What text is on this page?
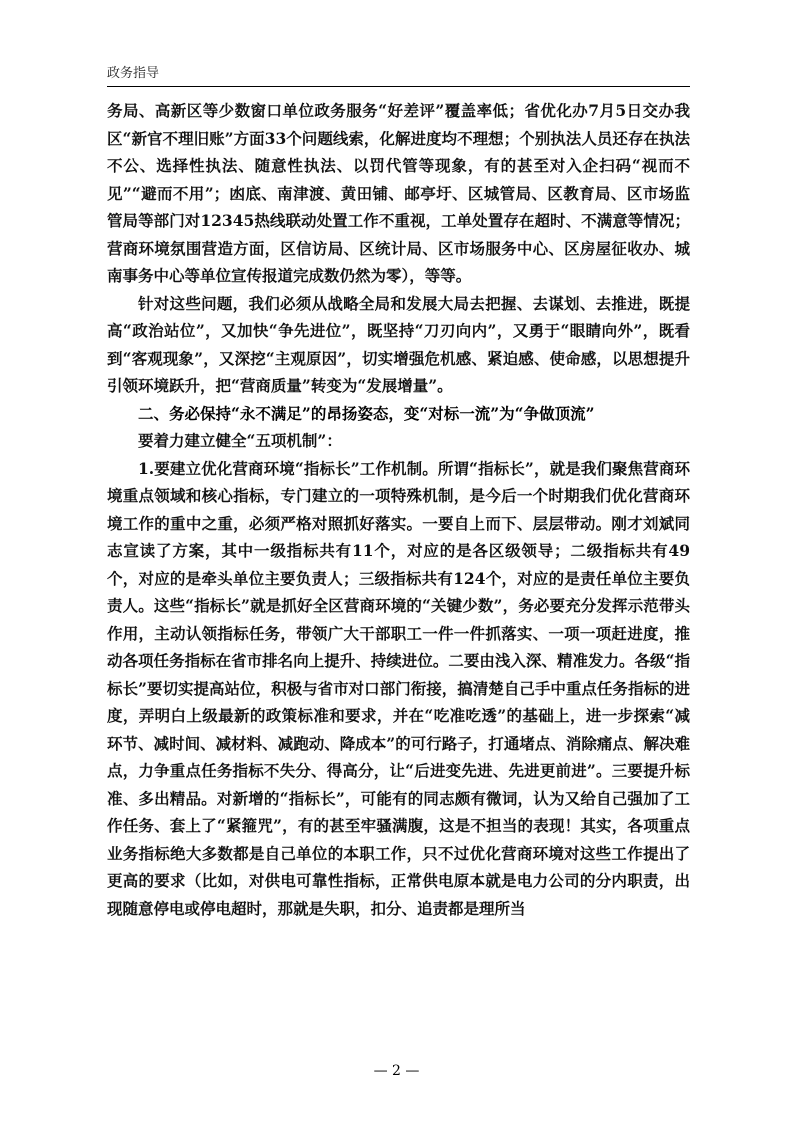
政务指导

务局、高新区等少数窗口单位政务服务“好差评”覆盖率低；省优化办7月5日交办我区“新官不理旧账”方面33个问题线索，化解进度均不理想；个别执法人员还存在执法不公、选择性执法、随意性执法、以罚代管等现象，有的甚至对入企扫码“视而不见”“避而不用”；凼底、南津渡、黄田铺、邮亭圩、区城管局、区教育局、区市场监管局等部门对12345热线联动处置工作不重视，工单处置存在超时、不满意等情况；营商环境氛围营造方面，区信访局、区统计局、区市场服务中心、区房屋征收办、城南事务中心等单位宣传报道完成数仍然为零），等等。

针对这些问题，我们必须从战略全局和发展大局去把握、去谋划、去推进，既提高“政治站位”，又加快“争先进位”，既坚持“刀刃向内”，又勇于“眼睛向外”，既看到“客观现象”，又深挖“主观原因”，切实增强危机感、紧迫感、使命感，以思想提升引领环境跃升，把“营商质量”转变为“发展增量”。

二、务必保持“永不满足”的昂扬姿态，变“对标一流”为“争做顶流”

要着力建立健全“五项机制”：

1.要建立优化营商环境“指标长”工作机制。所谓“指标长”，就是我们聚焦营商环境重点领域和核心指标，专门建立的一项特殊机制，是今后一个时期我们优化营商环境工作的重中之重，必须严格对照抓好落实。一要自上而下、层层带动。刚才刘斌同志宣读了方案，其中一级指标共有11个，对应的是各区级领导；二级指标共有49个，对应的是牵头单位主要负责人；三级指标共有124个，对应的是责任单位主要负责人。这些“指标长”就是抓好全区营商环境的“关键少数”，务必要充分发挥示范带头作用，主动认领指标任务，带领广大干部职工一件一件抓落实、一项一项赶进度，推动各项任务指标在省市排名向上提升、持续进位。二要由浅入深、精准发力。各级“指标长”要切实提高站位，积极与省市对口部门衔接，搞清楚自己手中重点任务指标的进度，弄明白上级最新的政策标准和要求，并在“吃准吃透”的基础上，进一步探索“减环节、减时间、减材料、减跑动、降成本”的可行路子，打通堵点、消除痛点、解决难点，力争重点任务指标不失分、得高分，让“后进变先进、先进更前进”。三要提升标准、多出精品。对新增的“指标长”，可能有的同志颇有微词，认为又给自己强加了工作任务、套上了“紧箍咒”，有的甚至牢骚满腹，这是不担当的表现！其实，各项重点业务指标绝大多数都是自己单位的本职工作，只不过优化营商环境对这些工作提出了更高的要求（比如，对供电可靠性指标，正常供电原本就是电力公司的分内职责，出现随意停电或停电超时，那就是失职，扣分、追责都是理所当

— 2 —
